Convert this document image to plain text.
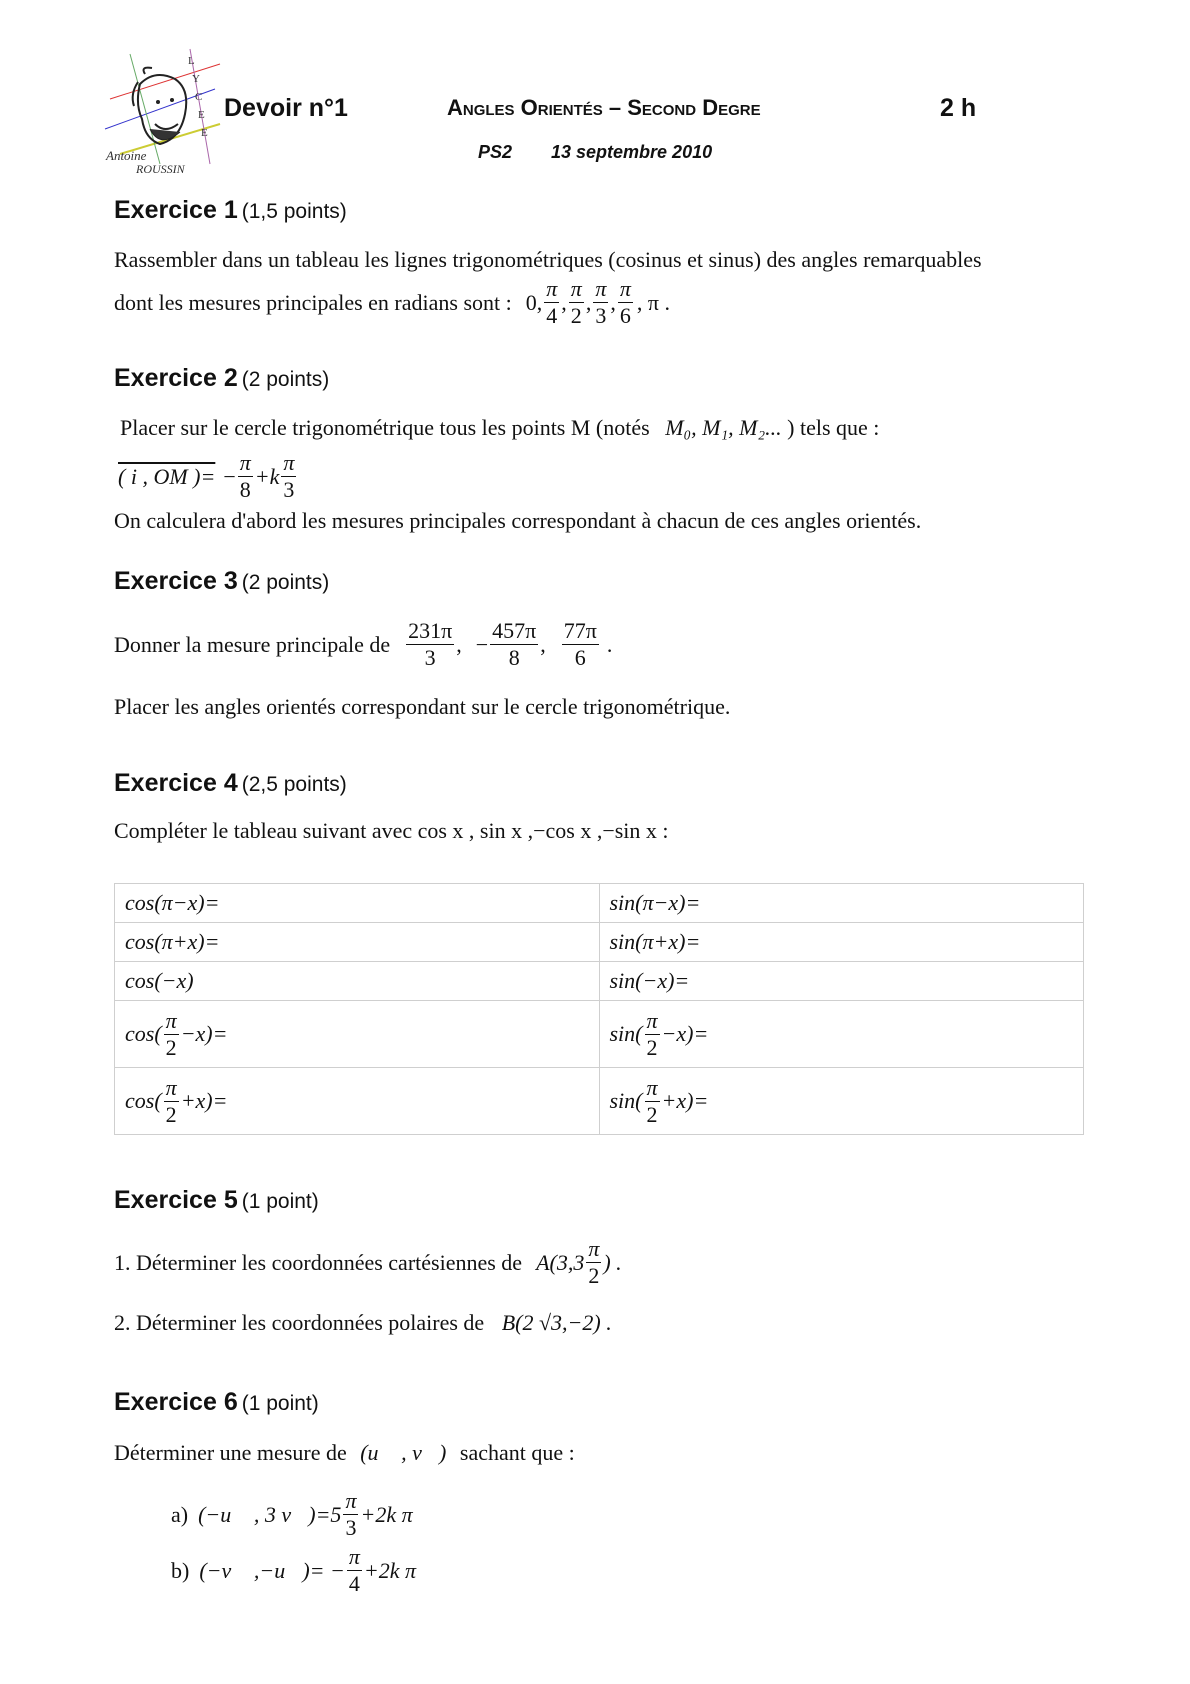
L
Y
C
E
E
Antoine
ROUSSIN
Devoir n°1	Angles Orientés – Second Degre	2 h
PS2 13 septembre 2010
Exercice 1 (1,5 points)
Rassembler dans un tableau les lignes trigonométriques (cosinus et sinus) des angles remarquables
dont les mesures principales en radians sont : 0, $\frac{\pi}{4}$ , $\frac{\pi}{2}$ , $\frac{\pi}{3}$ , $\frac{\pi}{6}$ , π .
Exercice 2 (2 points)
Placer sur le cercle trigonométrique tous les points M (notés M₀, M₁, M₂... ) tels que :
( i , OM )= − $\frac{\pi}{8} +k \frac{\pi}{3}$
On calculera d'abord les mesures principales correspondant à chacun de ces angles orientés.
Exercice 3 (2 points)
Donner la mesure principale de $\frac{231\pi}{3}$ , − $\frac{457\pi}{8}$ , $\frac{77\pi}{6}$ .
Placer les angles orientés correspondant sur le cercle trigonométrique.
Exercice 4 (2,5 points)
Compléter le tableau suivant avec cos x , sin x ,−cos x ,−sin x :
cos(π−x)=	sin(π−x)=
cos(π+x)=	sin(π+x)=
cos(−x)	sin(−x)=

$\cos( \frac{\pi}{2} -x)=$	$\sin( \frac{\pi}{2} -x)=$

$\cos( \frac{\pi}{2} +x)=$	$\sin( \frac{\pi}{2} +x)=$
Exercice 5 (1 point)
1. Déterminer les coordonnées cartésiennes de $A(3,3 \frac{\pi}{2}$ ) .
2. Déterminer les coordonnées polaires de B(2 √3,−2) .
Exercice 6 (1 point)
Déterminer une mesure de (u⃗ , v⃗) sachant que :
a) (−u⃗ , 3 v⃗)=5 $\frac{\pi}{3} +2k$ π
b) (−v⃗ ,−u⃗)= − $\frac{\pi}{4} +2k$ π
